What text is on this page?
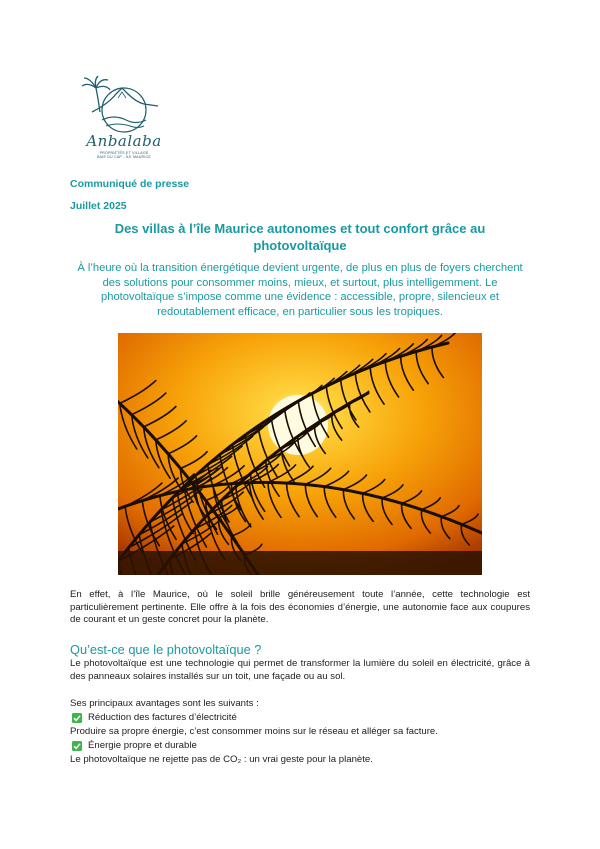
Anbalaba
PROPRIÉTÉS ET VILLAGE
BAIE DU CAP - ÎLE MAURICE
Communiqué de presse
Juillet 2025
Des villas à l’île Maurice autonomes et tout confort grâce au photovoltaïque
À l’heure où la transition énergétique devient urgente, de plus en plus de foyers cherchent des solutions pour consommer moins, mieux, et surtout, plus intelligemment. Le photovoltaïque s’impose comme une évidence : accessible, propre, silencieux et redoutablement efficace, en particulier sous les tropiques.
En effet, à l’île Maurice, où le soleil brille généreusement toute l’année, cette technologie est particulièrement pertinente. Elle offre à la fois des économies d’énergie, une autonomie face aux coupures de courant et un geste concret pour la planète.
Qu’est-ce que le photovoltaïque ?
Le photovoltaïque est une technologie qui permet de transformer la lumière du soleil en électricité, grâce à des panneaux solaires installés sur un toit, une façade ou au sol.
Ses principaux avantages sont les suivants :
Réduction des factures d’électricité
Produire sa propre énergie, c’est consommer moins sur le réseau et alléger sa facture.
Énergie propre et durable
Le photovoltaïque ne rejette pas de CO₂ : un vrai geste pour la planète.
